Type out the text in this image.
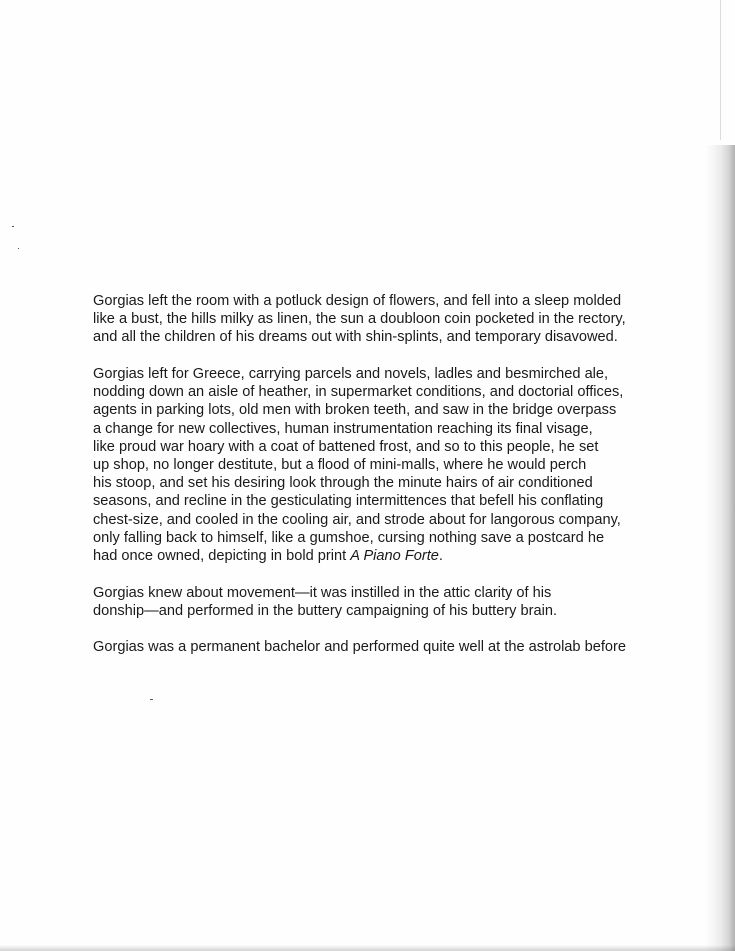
Gorgias left the room with a potluck design of flowers, and fell into a sleep molded
like a bust, the hills milky as linen, the sun a doubloon coin pocketed in the rectory,
and all the children of his dreams out with shin-splints, and temporary disavowed.

Gorgias left for Greece, carrying parcels and novels, ladles and besmirched ale,
nodding down an aisle of heather, in supermarket conditions, and doctorial offices,
agents in parking lots, old men with broken teeth, and saw in the bridge overpass
a change for new collectives, human instrumentation reaching its final visage,
like proud war hoary with a coat of battened frost, and so to this people, he set
up shop, no longer destitute, but a flood of mini-malls, where he would perch
his stoop, and set his desiring look through the minute hairs of air conditioned
seasons, and recline in the gesticulating intermittences that befell his conflating
chest-size, and cooled in the cooling air, and strode about for langorous company,
only falling back to himself, like a gumshoe, cursing nothing save a postcard he
had once owned, depicting in bold print A Piano Forte.

Gorgias knew about movement—it was instilled in the attic clarity of his
donship—and performed in the buttery campaigning of his buttery brain.

Gorgias was a permanent bachelor and performed quite well at the astrolab before
